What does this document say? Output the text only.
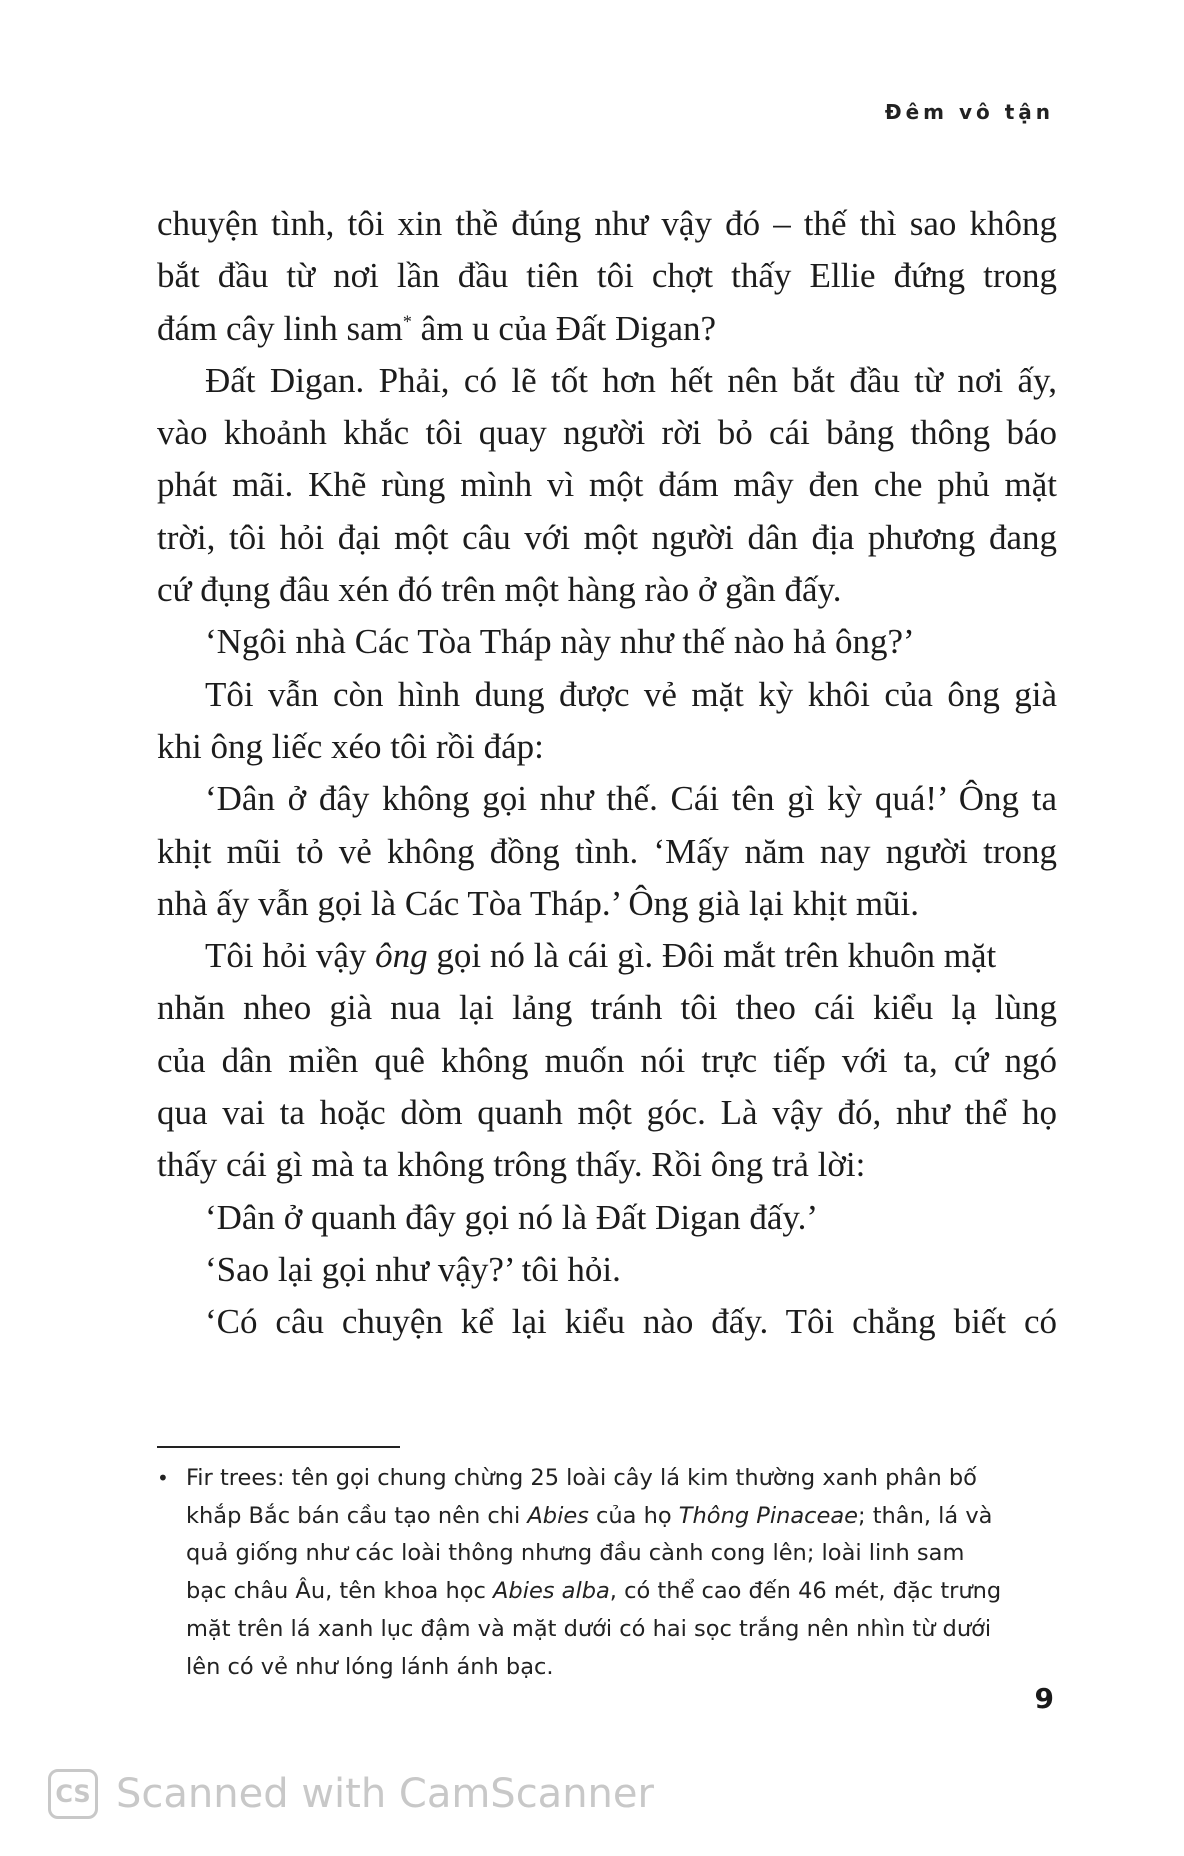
Đêm vô tận
chuyện tình, tôi xin thề đúng như vậy đó – thế thì sao không
bắt đầu từ nơi lần đầu tiên tôi chợt thấy Ellie đứng trong
đám cây linh sam* âm u của Đất Digan?
Đất Digan. Phải, có lẽ tốt hơn hết nên bắt đầu từ nơi ấy,
vào khoảnh khắc tôi quay người rời bỏ cái bảng thông báo
phát mãi. Khẽ rùng mình vì một đám mây đen che phủ mặt
trời, tôi hỏi đại một câu với một người dân địa phương đang
cứ đụng đâu xén đó trên một hàng rào ở gần đấy.
‘Ngôi nhà Các Tòa Tháp này như thế nào hả ông?’
Tôi vẫn còn hình dung được vẻ mặt kỳ khôi của ông già
khi ông liếc xéo tôi rồi đáp:
‘Dân ở đây không gọi như thế. Cái tên gì kỳ quá!’ Ông ta
khịt mũi tỏ vẻ không đồng tình. ‘Mấy năm nay người trong
nhà ấy vẫn gọi là Các Tòa Tháp.’ Ông già lại khịt mũi.
Tôi hỏi vậy ông gọi nó là cái gì. Đôi mắt trên khuôn mặt
nhăn nheo già nua lại lảng tránh tôi theo cái kiểu lạ lùng
của dân miền quê không muốn nói trực tiếp với ta, cứ ngó
qua vai ta hoặc dòm quanh một góc. Là vậy đó, như thể họ
thấy cái gì mà ta không trông thấy. Rồi ông trả lời:
‘Dân ở quanh đây gọi nó là Đất Digan đấy.’
‘Sao lại gọi như vậy?’ tôi hỏi.
‘Có câu chuyện kể lại kiểu nào đấy. Tôi chẳng biết có
• Fir trees: tên gọi chung chừng 25 loài cây lá kim thường xanh phân bố
khắp Bắc bán cầu tạo nên chi Abies của họ Thông Pinaceae; thân, lá và
quả giống như các loài thông nhưng đầu cành cong lên; loài linh sam
bạc châu Âu, tên khoa học Abies alba, có thể cao đến 46 mét, đặc trưng
mặt trên lá xanh lục đậm và mặt dưới có hai sọc trắng nên nhìn từ dưới
lên có vẻ như lóng lánh ánh bạc.
9
CS Scanned with CamScanner
